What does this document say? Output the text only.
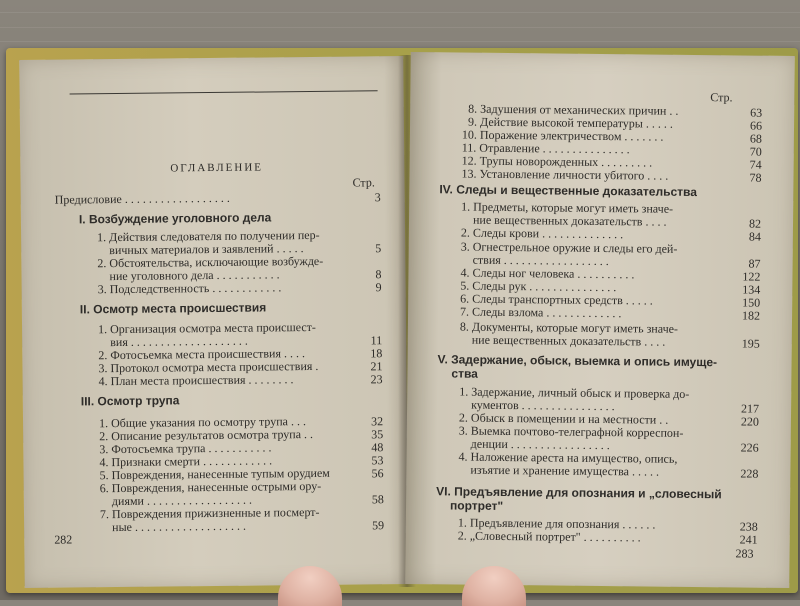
ОГЛАВЛЕНИЕ
Стр.
Предисловие . . . . . . . . . . . . . . . . . .	3
I. Возбуждение уголовного дела
1. Действия следователя по получении пер-
вичных материалов и заявлений . . . . .	5
2. Обстоятельства, исключающие возбужде-
ние уголовного дела . . . . . . . . . . .	8
3. Подследственность . . . . . . . . . . . .	9
II. Осмотр места происшествия
1. Организация осмотра места происшест-
вия . . . . . . . . . . . . . . . . . . . .	11
2. Фотосъемка места происшествия . . . .	18
3. Протокол осмотра места происшествия .	21
4. План места происшествия . . . . . . . .	23
III. Осмотр трупа
1. Общие указания по осмотру трупа . . .	32
2. Описание результатов осмотра трупа . .	35
3. Фотосъемка трупа . . . . . . . . . . .	48
4. Признаки смерти . . . . . . . . . . . .	53
5. Повреждения, нанесенные тупым орудием	56
6. Повреждения, нанесенные острыми ору-
диями . . . . . . . . . . . . . . . . . .	58
7. Повреждения прижизненные и посмерт-
ные . . . . . . . . . . . . . . . . . . .	59
282
Стр.
8. Задушения от механических причин . .	63
9. Действие высокой температуры . . . . .	66
10. Поражение электричеством . . . . . . .	68
11. Отравление . . . . . . . . . . . . . . .	70
12. Трупы новорожденных . . . . . . . . .	74
13. Установление личности убитого . . . .	78
IV. Следы и вещественные доказательства
1. Предметы, которые могут иметь значе-
ние вещественных доказательств . . . .	82
2. Следы крови . . . . . . . . . . . . . .	84
3. Огнестрельное оружие и следы его дей-
ствия . . . . . . . . . . . . . . . . . .	87
4. Следы ног человека . . . . . . . . . .	122
5. Следы рук . . . . . . . . . . . . . . .	134
6. Следы транспортных средств . . . . .	150
7. Следы взлома . . . . . . . . . . . . .	182
8. Документы, которые могут иметь значе-
ние вещественных доказательств . . . .	195
V. Задержание, обыск, выемка и опись имуще-
ства
1. Задержание, личный обыск и проверка до-
кументов . . . . . . . . . . . . . . . .	217
2. Обыск в помещении и на местности . .	220
3. Выемка почтово-телеграфной корреспон-
денции . . . . . . . . . . . . . . . . .	226
4. Наложение ареста на имущество, опись,
изъятие и хранение имущества . . . . .	228
VI. Предъявление для опознания и „словесный
портрет"
1. Предъявление для опознания . . . . . .	238
2. „Словесный портрет" . . . . . . . . . .	241
283
